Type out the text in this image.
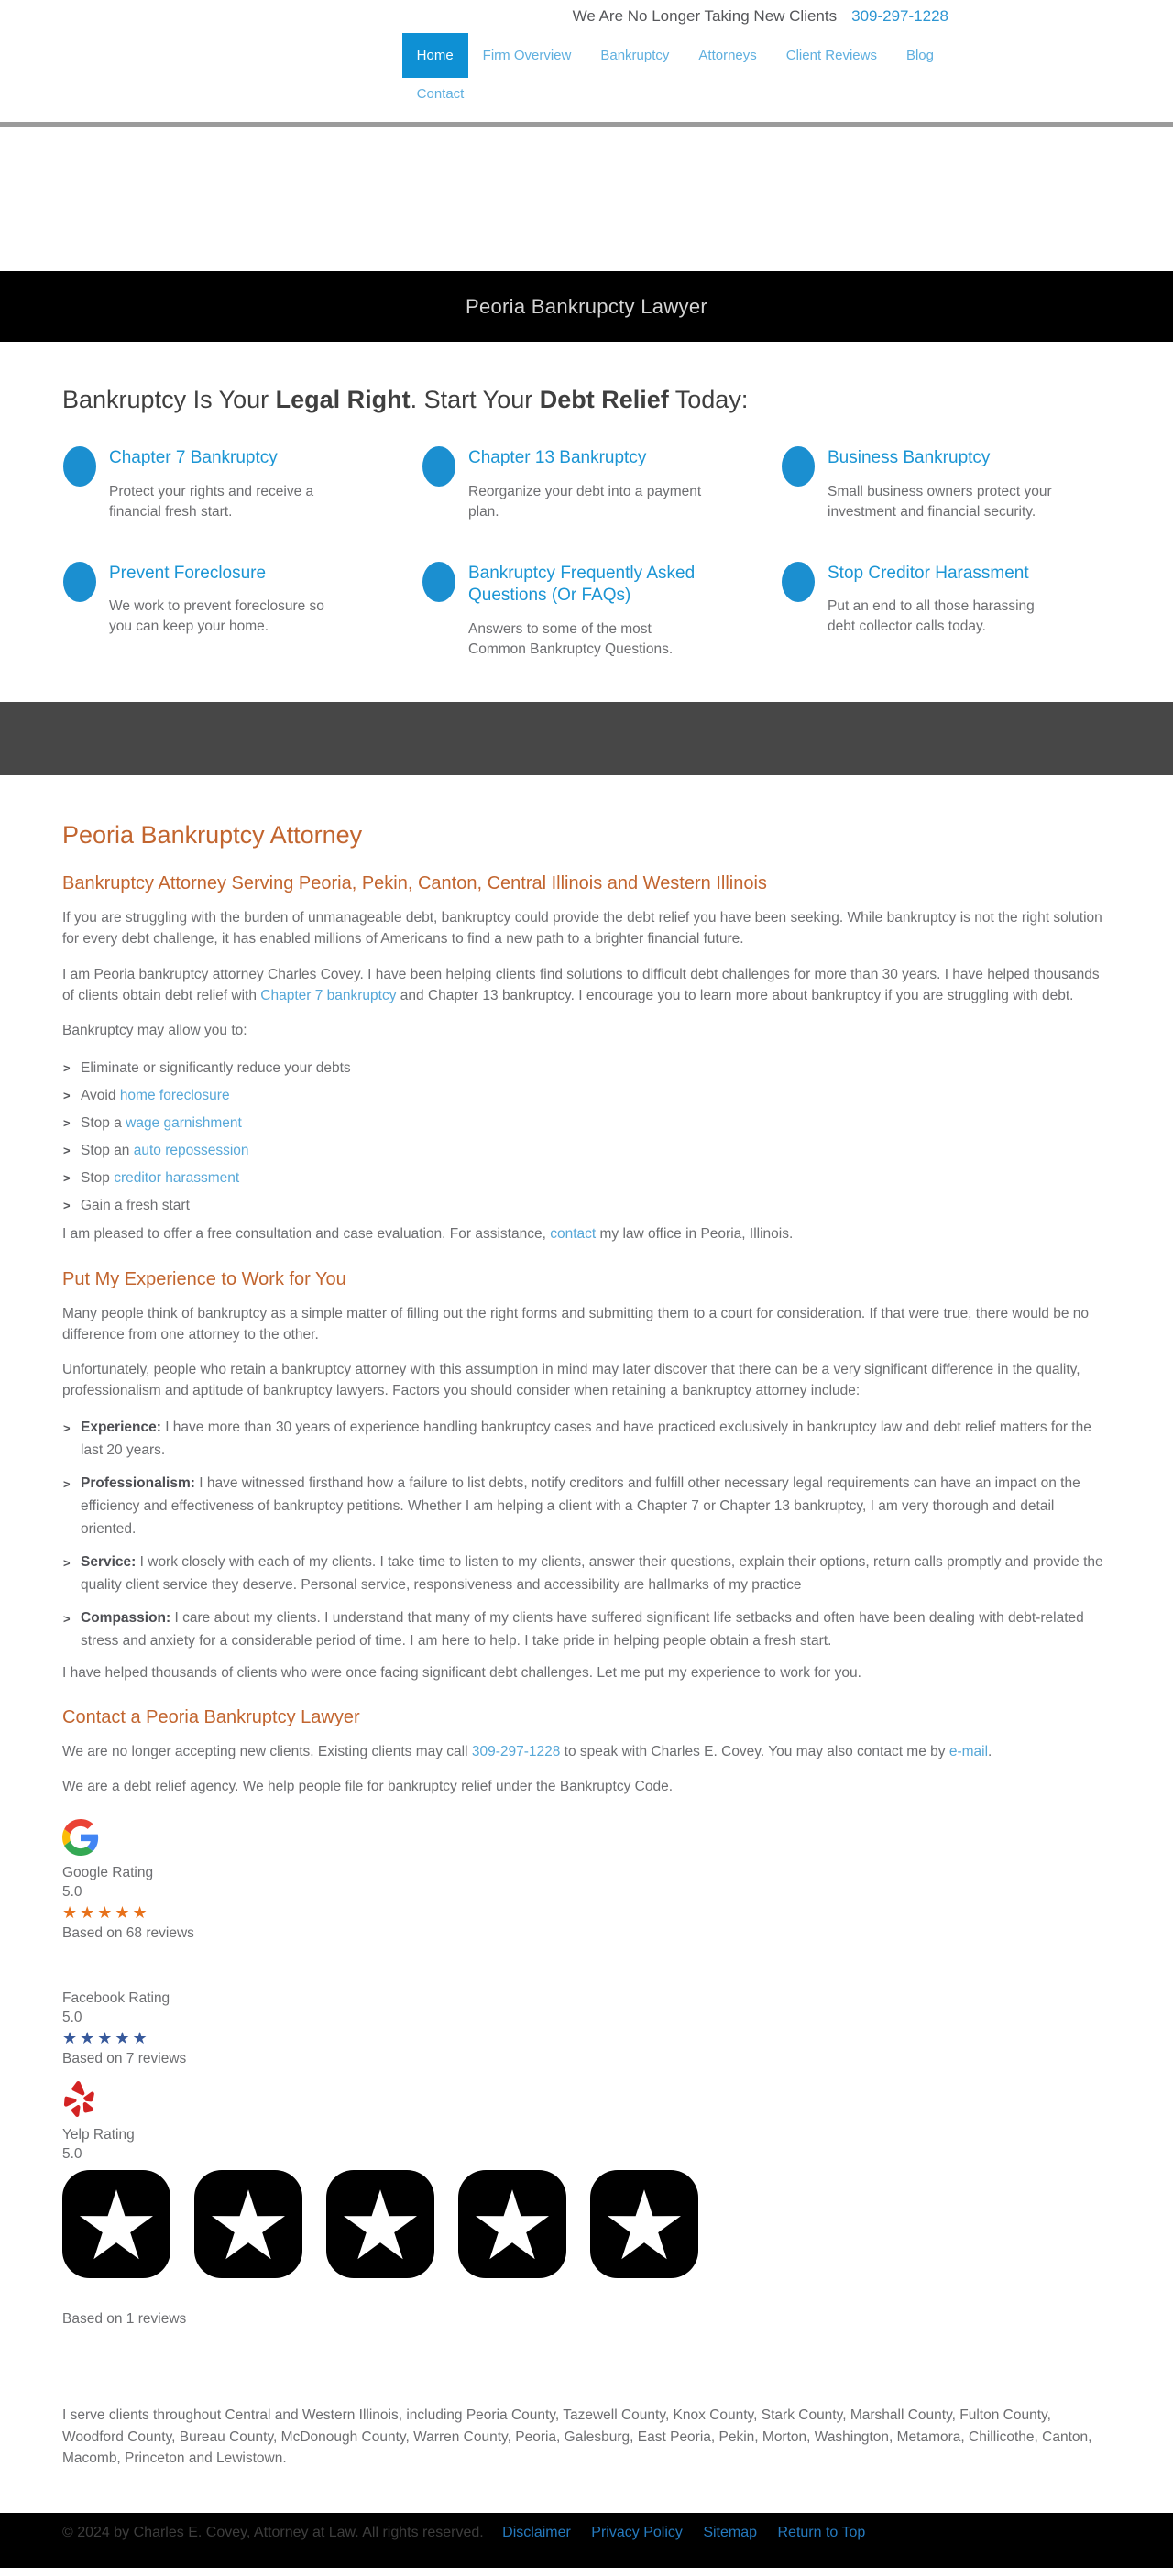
We Are No Longer Taking New Clients 309-297-1228
Home	Firm Overview	Bankruptcy	Attorneys	Client Reviews	Blog
Contact
Peoria Bankrupcty Lawyer
Bankruptcy Is Your Legal Right. Start Your Debt Relief Today:
Chapter 7 Bankruptcy

Protect your rights and receive a financial fresh start.

Chapter 13 Bankruptcy

Reorganize your debt into a payment plan.

Business Bankruptcy

Small business owners protect your investment and financial security.

Prevent Foreclosure

We work to prevent foreclosure so you can keep your home.

Bankruptcy Frequently Asked Questions (Or FAQs)

Answers to some of the most Common Bankruptcy Questions.

Stop Creditor Harassment

Put an end to all those harassing debt collector calls today.

Peoria Bankruptcy Attorney
Bankruptcy Attorney Serving Peoria, Pekin, Canton, Central Illinois and Western Illinois

If you are struggling with the burden of unmanageable debt, bankruptcy could provide the debt relief you have been seeking. While bankruptcy is not the right solution for every debt challenge, it has enabled millions of Americans to find a new path to a brighter financial future.

I am Peoria bankruptcy attorney Charles Covey. I have been helping clients find solutions to difficult debt challenges for more than 30 years. I have helped thousands of clients obtain debt relief with Chapter 7 bankruptcy and Chapter 13 bankruptcy. I encourage you to learn more about bankruptcy if you are struggling with debt.

Bankruptcy may allow you to:

> Eliminate or significantly reduce your debts
> Avoid home foreclosure
> Stop a wage garnishment
> Stop an auto repossession
> Stop creditor harassment
> Gain a fresh start

I am pleased to offer a free consultation and case evaluation. For assistance, contact my law office in Peoria, Illinois.

Put My Experience to Work for You

Many people think of bankruptcy as a simple matter of filling out the right forms and submitting them to a court for consideration. If that were true, there would be no difference from one attorney to the other.

Unfortunately, people who retain a bankruptcy attorney with this assumption in mind may later discover that there can be a very significant difference in the quality, professionalism and aptitude of bankruptcy lawyers. Factors you should consider when retaining a bankruptcy attorney include:

> Experience: I have more than 30 years of experience handling bankruptcy cases and have practiced exclusively in bankruptcy law and debt relief matters for the last 20 years.
> Professionalism: I have witnessed firsthand how a failure to list debts, notify creditors and fulfill other necessary legal requirements can have an impact on the efficiency and effectiveness of bankruptcy petitions. Whether I am helping a client with a Chapter 7 or Chapter 13 bankruptcy, I am very thorough and detail oriented.
> Service: I work closely with each of my clients. I take time to listen to my clients, answer their questions, explain their options, return calls promptly and provide the quality client service they deserve. Personal service, responsiveness and accessibility are hallmarks of my practice
> Compassion: I care about my clients. I understand that many of my clients have suffered significant life setbacks and often have been dealing with debt-related stress and anxiety for a considerable period of time. I am here to help. I take pride in helping people obtain a fresh start.

I have helped thousands of clients who were once facing significant debt challenges. Let me put my experience to work for you.

Contact a Peoria Bankruptcy Lawyer

We are no longer accepting new clients. Existing clients may call 309-297-1228 to speak with Charles E. Covey. You may also contact me by e-mail.

We are a debt relief agency. We help people file for bankruptcy relief under the Bankruptcy Code.

Google Rating
5.0
★★★★★
Based on 68 reviews
Facebook Rating
5.0
★★★★★
Based on 7 reviews
Yelp Rating
5.0
Based on 1 reviews

I serve clients throughout Central and Western Illinois, including Peoria County, Tazewell County, Knox County, Stark County, Marshall County, Fulton County, Woodford County, Bureau County, McDonough County, Warren County, Peoria, Galesburg, East Peoria, Pekin, Morton, Washington, Metamora, Chillicothe, Canton, Macomb, Princeton and Lewistown.

© 2024 by Charles E. Covey, Attorney at Law. All rights reserved. Disclaimer Privacy Policy Sitemap Return to Top
